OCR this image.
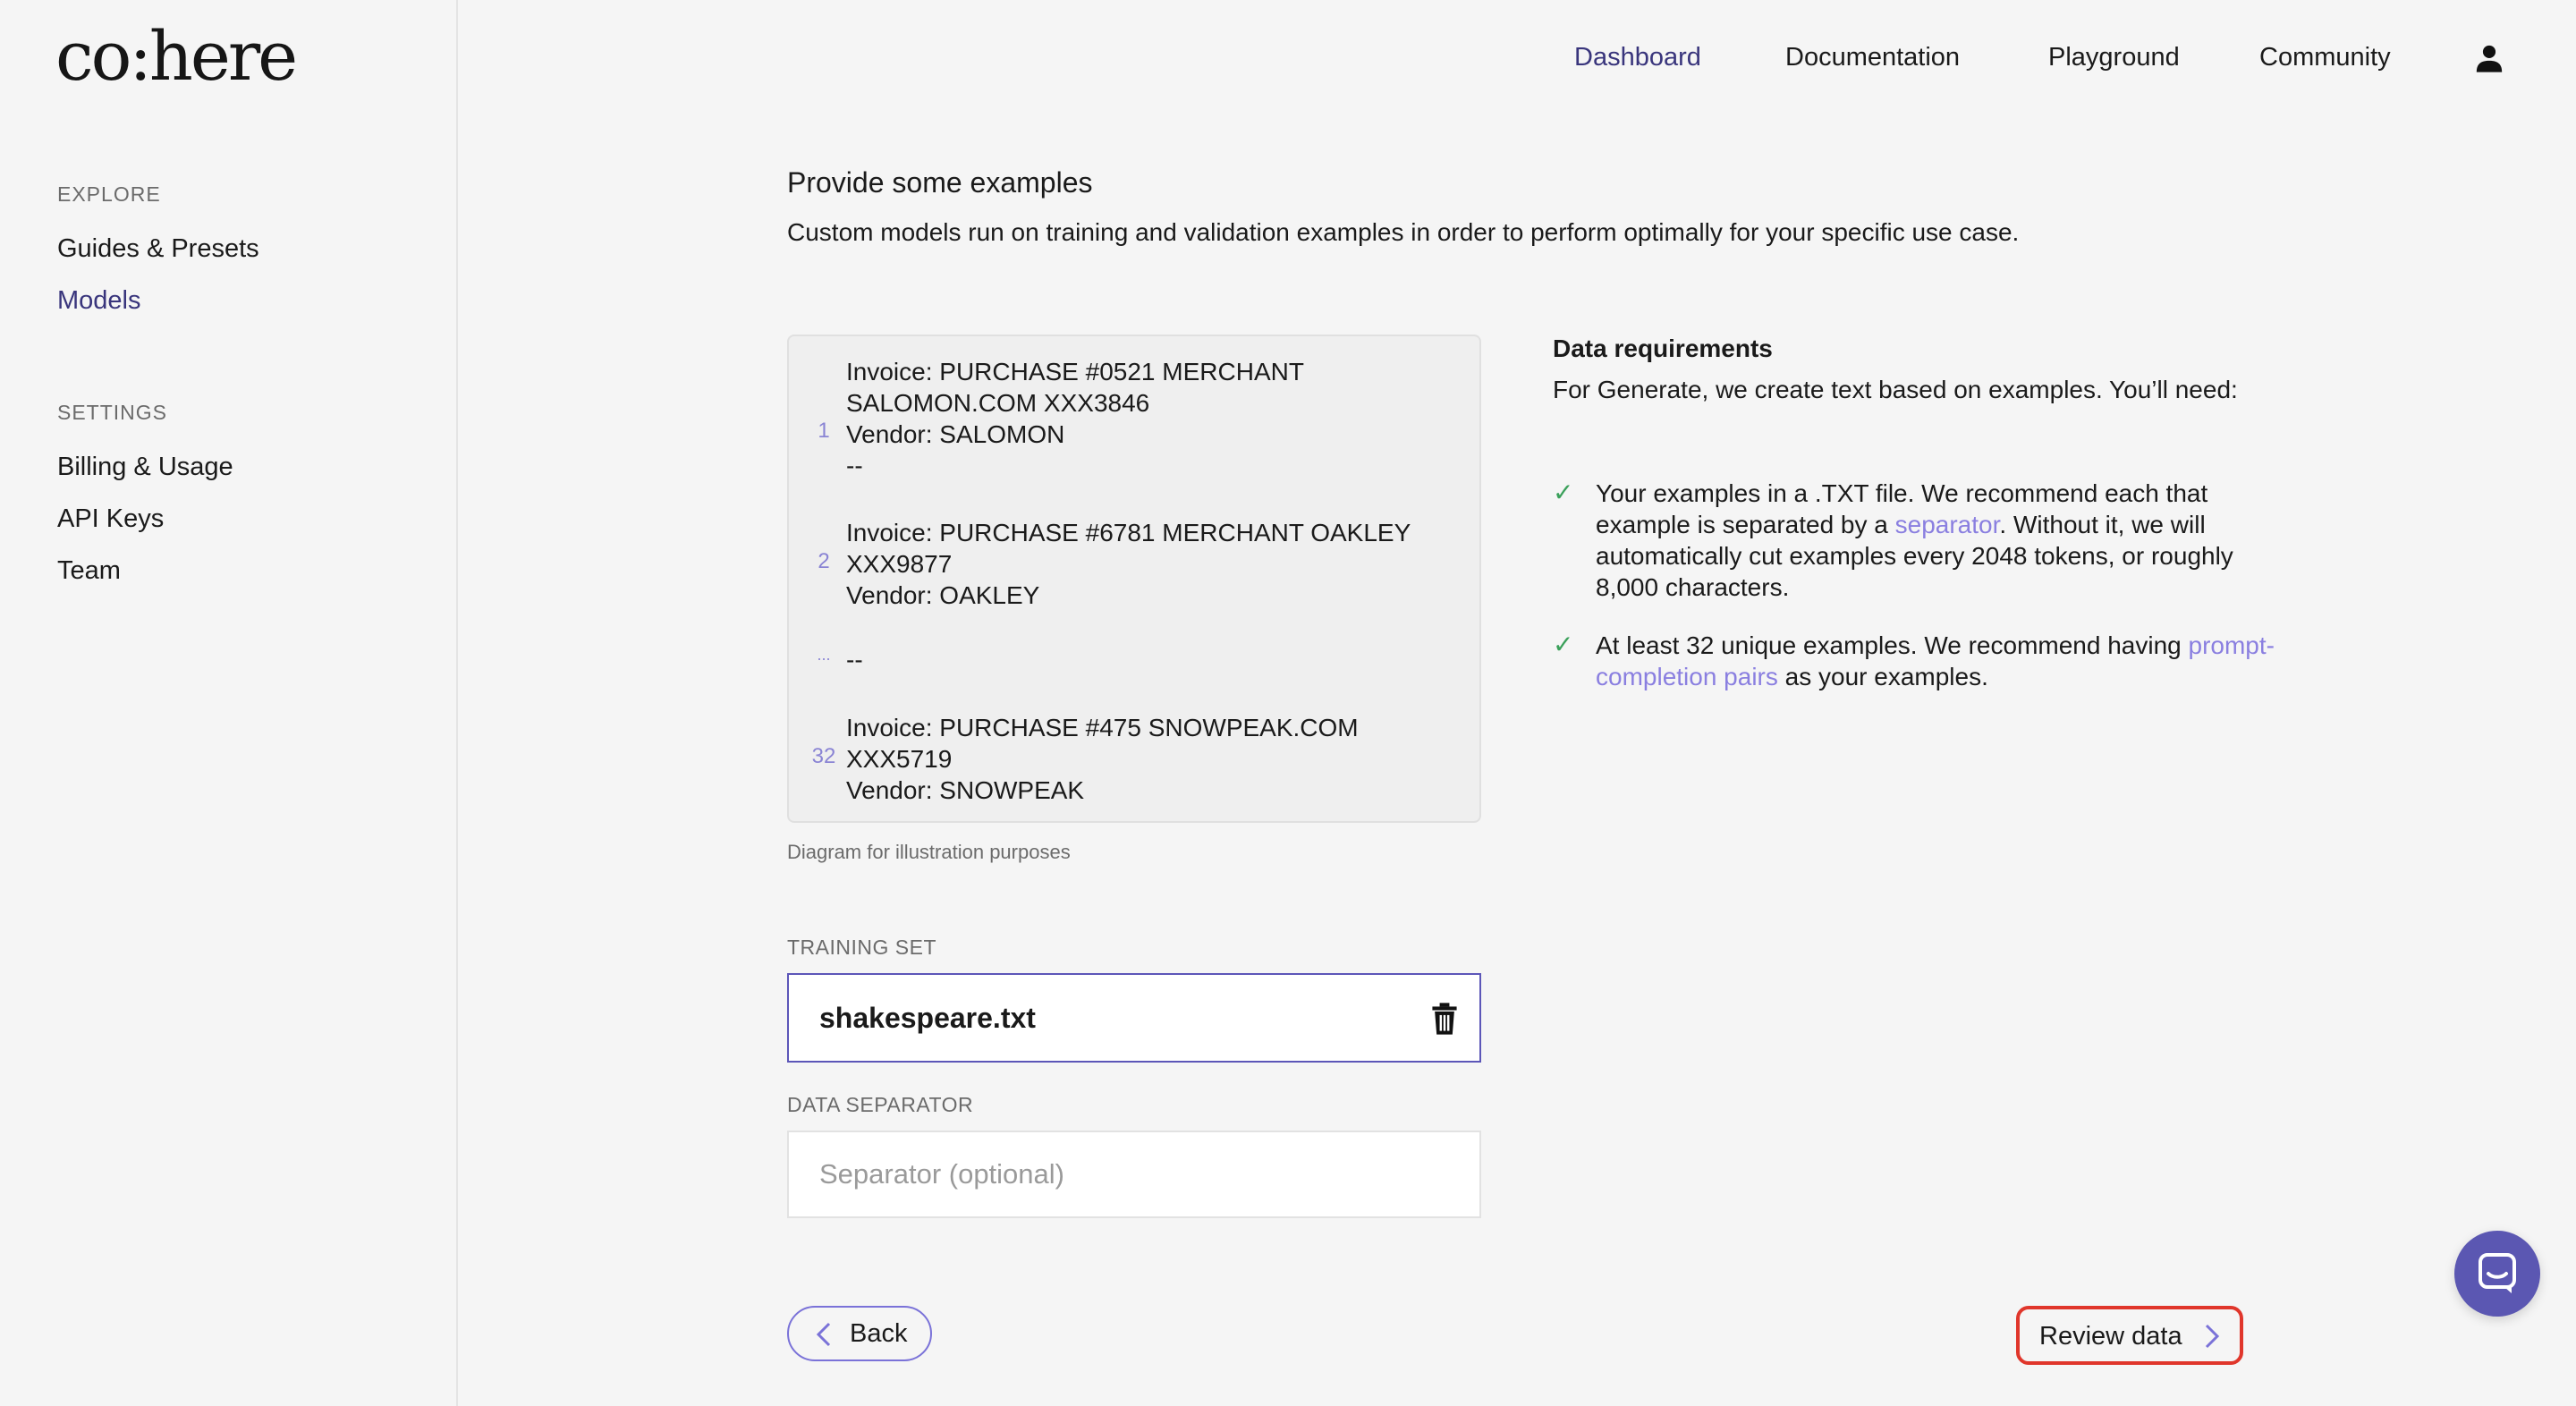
co:here
EXPLORE
Guides & Presets
Models
SETTINGS
Billing & Usage
API Keys
Team
Dashboard	Documentation	Playground	Community
Provide some examples
Custom models run on training and validation examples in order to perform optimally for your specific use case.
1
Invoice: PURCHASE #0521 MERCHANT
SALOMON.COM XXX3846
Vendor: SALOMON
--
2
Invoice: PURCHASE #6781 MERCHANT OAKLEY
XXX9877
Vendor: OAKLEY
... --
32
Invoice: PURCHASE #475 SNOWPEAK.COM
XXX5719
Vendor: SNOWPEAK
Diagram for illustration purposes
Data requirements
For Generate, we create text based on examples. You’ll need:
✓ Your examples in a .TXT file. We recommend each that example is separated by a separator. Without it, we will automatically cut examples every 2048 tokens, or roughly 8,000 characters.
✓ At least 32 unique examples. We recommend having prompt-completion pairs as your examples.
TRAINING SET
shakespeare.txt
DATA SEPARATOR
Separator (optional)
Back	Review data
